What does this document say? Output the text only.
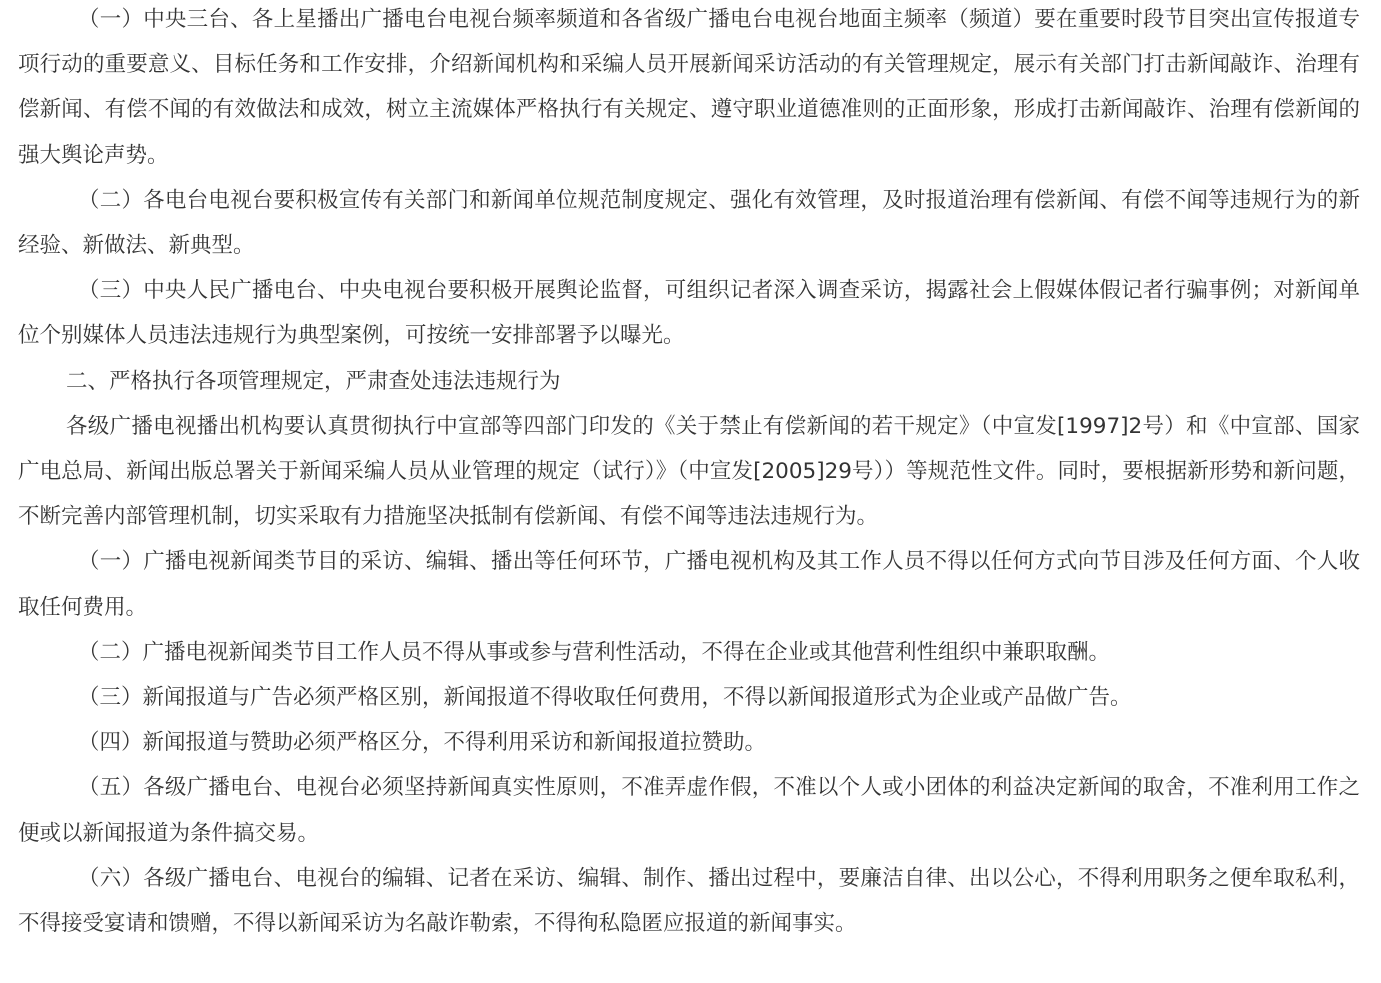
（一）中央三台、各上星播出广播电台电视台频率频道和各省级广播电台电视台地面主频率（频道）要在重要时段节目突出宣传报道专项行动的重要意义、目标任务和工作安排，介绍新闻机构和采编人员开展新闻采访活动的有关管理规定，展示有关部门打击新闻敲诈、治理有偿新闻、有偿不闻的有效做法和成效，树立主流媒体严格执行有关规定、遵守职业道德准则的正面形象，形成打击新闻敲诈、治理有偿新闻的强大舆论声势。

（二）各电台电视台要积极宣传有关部门和新闻单位规范制度规定、强化有效管理，及时报道治理有偿新闻、有偿不闻等违规行为的新经验、新做法、新典型。

（三）中央人民广播电台、中央电视台要积极开展舆论监督，可组织记者深入调查采访，揭露社会上假媒体假记者行骗事例；对新闻单位个别媒体人员违法违规行为典型案例，可按统一安排部署予以曝光。

二、严格执行各项管理规定，严肃查处违法违规行为

各级广播电视播出机构要认真贯彻执行中宣部等四部门印发的《关于禁止有偿新闻的若干规定》（中宣发[1997]2号）和《中宣部、国家广电总局、新闻出版总署关于新闻采编人员从业管理的规定（试行）》（中宣发[2005]29号））等规范性文件。同时，要根据新形势和新问题，不断完善内部管理机制，切实采取有力措施坚决抵制有偿新闻、有偿不闻等违法违规行为。

（一）广播电视新闻类节目的采访、编辑、播出等任何环节，广播电视机构及其工作人员不得以任何方式向节目涉及任何方面、个人收取任何费用。

（二）广播电视新闻类节目工作人员不得从事或参与营利性活动，不得在企业或其他营利性组织中兼职取酬。

（三）新闻报道与广告必须严格区别，新闻报道不得收取任何费用，不得以新闻报道形式为企业或产品做广告。

（四）新闻报道与赞助必须严格区分，不得利用采访和新闻报道拉赞助。

（五）各级广播电台、电视台必须坚持新闻真实性原则，不准弄虚作假，不准以个人或小团体的利益决定新闻的取舍，不准利用工作之便或以新闻报道为条件搞交易。

（六）各级广播电台、电视台的编辑、记者在采访、编辑、制作、播出过程中，要廉洁自律、出以公心，不得利用职务之便牟取私利，不得接受宴请和馈赠，不得以新闻采访为名敲诈勒索，不得徇私隐匿应报道的新闻事实。
